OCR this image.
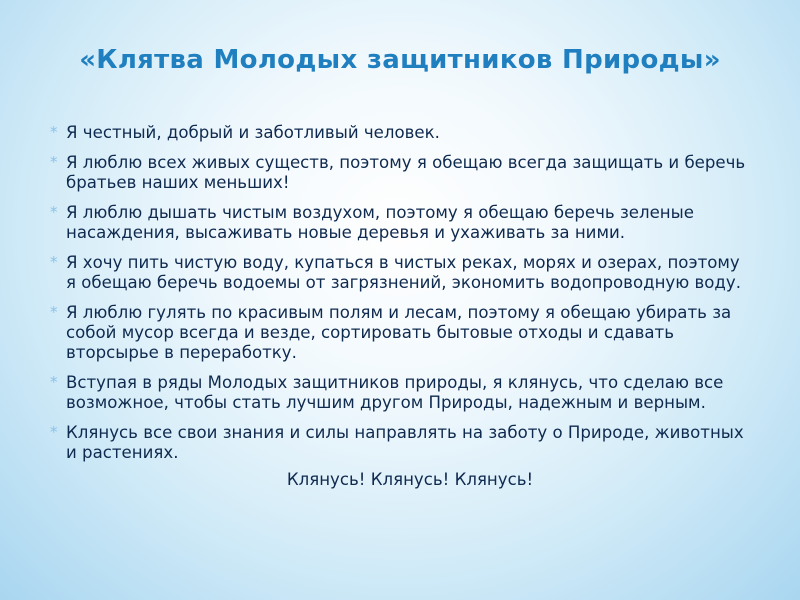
«Клятва Молодых защитников Природы»
* Я честный, добрый и заботливый человек.
* Я люблю всех живых существ, поэтому я обещаю всегда защищать и беречь братьев наших меньших!
* Я люблю дышать чистым воздухом, поэтому я обещаю беречь зеленые насаждения, высаживать новые деревья и ухаживать за ними.
* Я хочу пить чистую воду, купаться в чистых реках, морях и озерах, поэтому я обещаю беречь водоемы от загрязнений, экономить водопроводную воду.
* Я люблю гулять по красивым полям и лесам, поэтому я обещаю убирать за собой мусор всегда и везде, сортировать бытовые отходы и сдавать вторсырье в переработку.
* Вступая в ряды Молодых защитников природы, я клянусь, что сделаю все возможное, чтобы стать лучшим другом Природы, надежным и верным.
* Клянусь все свои знания и силы направлять на заботу о Природе, животных и растениях.
Клянусь! Клянусь! Клянусь!
